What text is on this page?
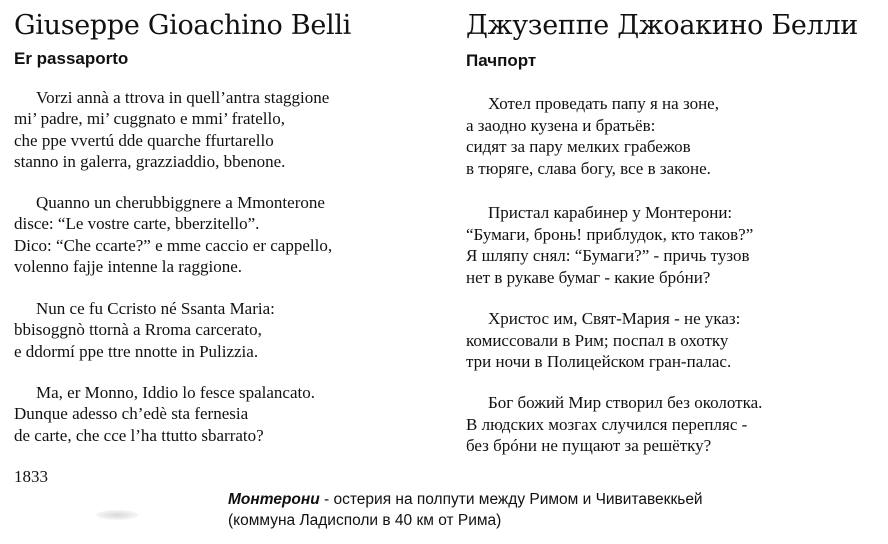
Giuseppe Gioachino Belli
Er passaporto

Vorzi annà a ttrova in quell’antra staggione
mi’ padre, mi’ cuggnato e mmi’ fratello,
che ppe vvertú dde quarche ffurtarello
stanno in galerra, grazziaddio, bbenone.

Quanno un cherubbiggnere a Mmonterone
disce: “Le vostre carte, bberzitello”.
Dico: “Che ccarte?” e mme caccio er cappello,
volenno fajje intenne la raggione.

Nun ce fu Ccristo né Ssanta Maria:
bbisoggnò ttornà a Rroma carcerato,
e ddormí ppe ttre nnotte in Pulizzia.

Ma, er Monno, Iddio lo fesce spalancato.
Dunque adesso ch’edè sta fernesia
de carte, che cce l’ha ttutto sbarrato?

1833
Джузеппе Джоакино Белли
Пачпорт

Хотел проведать папу я на зоне,
а заодно кузена и братьёв:
сидят за пару мелких грабежов
в тюряге, слава богу, все в законе.

Пристал карабинер у Монтерони:
“Бумаги, бронь! приблудок, кто таков?”
Я шляпу снял: “Бумаги?” - причь тузов
нет в рукаве бумаг - какие брóни?

Христос им, Свят-Мария - не указ:
комиссовали в Рим; поспал в охотку
три ночи в Полицейском гран-палас.

Бог божий Мир створил без околотка.
В людских мозгах случился перепляс -
без брóни не пущают за решётку?

Монтерони - остерия на полпути между Римом и Чивитавеккьей
(коммуна Ладисполи в 40 км от Рима)
